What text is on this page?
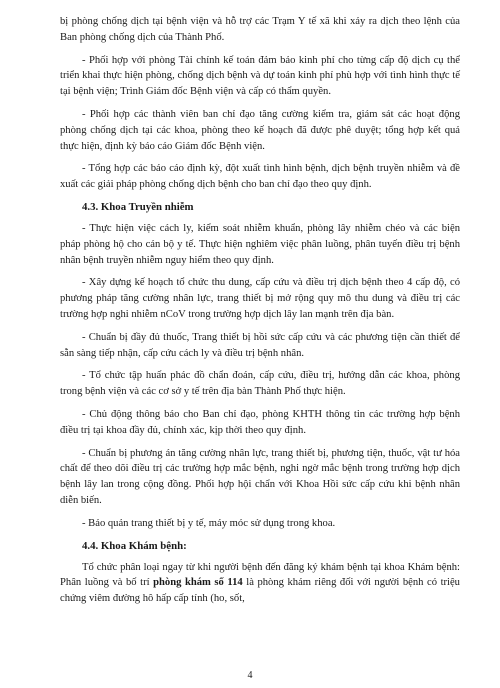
bị phòng chống dịch tại bệnh viện và hỗ trợ các Trạm Y tế xã khi xảy ra dịch theo lệnh của Ban phòng chống dịch của Thành Phố.

- Phối hợp với phòng Tài chính kế toán đảm bảo kinh phí cho từng cấp độ dịch cụ thể triển khai thực hiện phòng, chống dịch bệnh và dự toán kinh phí phù hợp với tình hình thực tế tại bệnh viện; Trình Giám đốc Bệnh viện và cấp có thẩm quyền.

- Phối hợp các thành viên ban chỉ đạo tăng cường kiểm tra, giám sát các hoạt động phòng chống dịch tại các khoa, phòng theo kế hoạch đã được phê duyệt; tổng hợp kết quả thực hiện, định kỳ báo cáo Giám đốc Bệnh viện.

- Tổng hợp các báo cáo định kỳ, đột xuất tình hình bệnh, dịch bệnh truyền nhiễm và đề xuất các giải pháp phòng chống dịch bệnh cho ban chỉ đạo theo quy định.

4.3. Khoa Truyền nhiễm

- Thực hiện việc cách ly, kiểm soát nhiễm khuẩn, phòng lây nhiễm chéo và các biện pháp phòng hộ cho cán bộ y tế. Thực hiện nghiêm việc phân luồng, phân tuyến điều trị bệnh nhân bệnh truyền nhiễm nguy hiểm theo quy định.

- Xây dựng kế hoạch tổ chức thu dung, cấp cứu và điều trị dịch bệnh theo 4 cấp độ, có phương pháp tăng cường nhân lực, trang thiết bị mở rộng quy mô thu dung và điều trị các trường hợp nghi nhiễm nCoV trong trường hợp dịch lây lan mạnh trên địa bàn.

- Chuẩn bị đầy đủ thuốc, Trang thiết bị hồi sức cấp cứu và các phương tiện cần thiết để sẵn sàng tiếp nhận, cấp cứu cách ly và điều trị bệnh nhân.

- Tổ chức tập huấn phác đồ chẩn đoán, cấp cứu, điều trị, hướng dẫn các khoa, phòng trong bệnh viện và các cơ sở y tế trên địa bàn Thành Phố thực hiện.

- Chủ động thông báo cho Ban chỉ đạo, phòng KHTH thông tin các trường hợp bệnh điều trị tại khoa đầy đủ, chính xác, kịp thời theo quy định.

- Chuẩn bị phương án tăng cường nhân lực, trang thiết bị, phương tiện, thuốc, vật tư hóa chất để theo dõi điều trị các trường hợp mắc bệnh, nghi ngờ mắc bệnh trong trường hợp dịch bệnh lây lan trong cộng đồng. Phối hợp hội chẩn với Khoa Hồi sức cấp cứu khi bệnh nhân diễn biến.

- Bảo quản trang thiết bị y tế, máy móc sử dụng trong khoa.

4.4. Khoa Khám bệnh:

Tổ chức phân loại ngay từ khi người bệnh đến đăng ký khám bệnh tại khoa Khám bệnh: Phân luồng và bố trí phòng khám số 114 là phòng khám riêng đối với người bệnh có triệu chứng viêm đường hô hấp cấp tính (ho, sốt,

4
